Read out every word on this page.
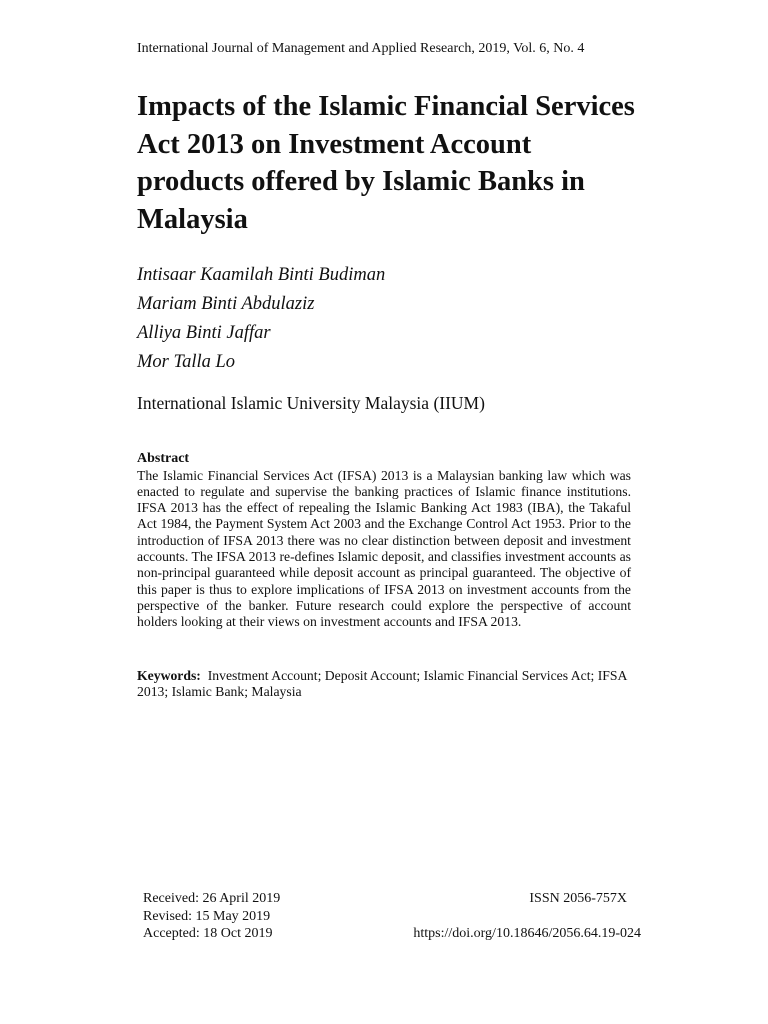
International Journal of Management and Applied Research, 2019, Vol. 6, No. 4
Impacts of the Islamic Financial Services Act 2013 on Investment Account products offered by Islamic Banks in Malaysia
Intisaar Kaamilah Binti Budiman
Mariam Binti Abdulaziz
Alliya Binti Jaffar
Mor Talla Lo
International Islamic University Malaysia (IIUM)
Abstract

The Islamic Financial Services Act (IFSA) 2013 is a Malaysian banking law which was enacted to regulate and supervise the banking practices of Islamic finance institutions. IFSA 2013 has the effect of repealing the Islamic Banking Act 1983 (IBA), the Takaful Act 1984, the Payment System Act 2003 and the Exchange Control Act 1953. Prior to the introduction of IFSA 2013 there was no clear distinction between deposit and investment accounts. The IFSA 2013 re-defines Islamic deposit, and classifies investment accounts as non-principal guaranteed while deposit account as principal guaranteed. The objective of this paper is thus to explore implications of IFSA 2013 on investment accounts from the perspective of the banker. Future research could explore the perspective of account holders looking at their views on investment accounts and IFSA 2013.

Keywords: Investment Account; Deposit Account; Islamic Financial Services Act; IFSA 2013; Islamic Bank; Malaysia

Received: 26 April 2019
Revised: 15 May 2019
Accepted: 18 Oct 2019
ISSN 2056-757X
https://doi.org/10.18646/2056.64.19-024
